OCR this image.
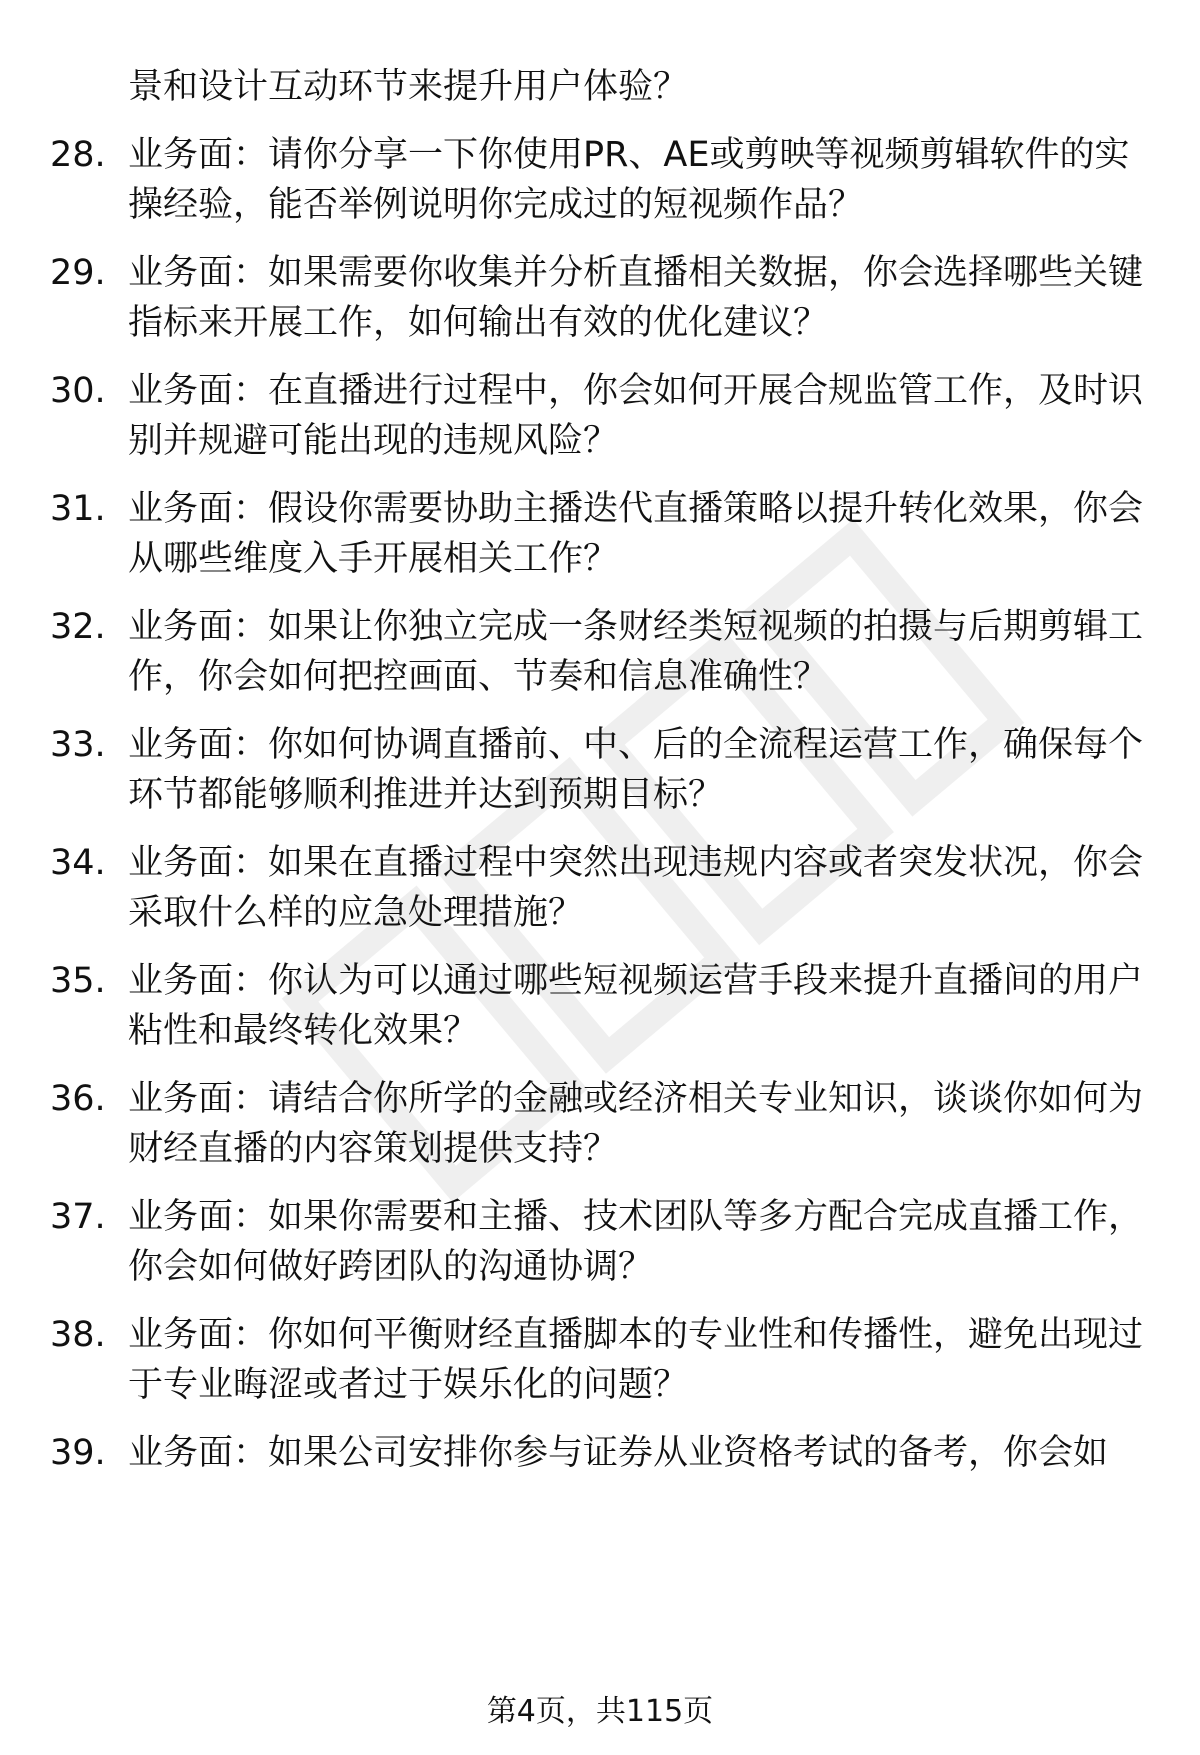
景和设计互动环节来提升用户体验？
28. 业务面：请你分享一下你使用PR、AE或剪映等视频剪辑软件的实操经验，能否举例说明你完成过的短视频作品？
29. 业务面：如果需要你收集并分析直播相关数据，你会选择哪些关键指标来开展工作，如何输出有效的优化建议？
30. 业务面：在直播进行过程中，你会如何开展合规监管工作，及时识别并规避可能出现的违规风险？
31. 业务面：假设你需要协助主播迭代直播策略以提升转化效果，你会从哪些维度入手开展相关工作？
32. 业务面：如果让你独立完成一条财经类短视频的拍摄与后期剪辑工作，你会如何把控画面、节奏和信息准确性？
33. 业务面：你如何协调直播前、中、后的全流程运营工作，确保每个环节都能够顺利推进并达到预期目标？
34. 业务面：如果在直播过程中突然出现违规内容或者突发状况，你会采取什么样的应急处理措施？
35. 业务面：你认为可以通过哪些短视频运营手段来提升直播间的用户粘性和最终转化效果？
36. 业务面：请结合你所学的金融或经济相关专业知识，谈谈你如何为财经直播的内容策划提供支持？
37. 业务面：如果你需要和主播、技术团队等多方配合完成直播工作，你会如何做好跨团队的沟通协调？
38. 业务面：你如何平衡财经直播脚本的专业性和传播性，避免出现过于专业晦涩或者过于娱乐化的问题？
39. 业务面：如果公司安排你参与证券从业资格考试的备考，你会如
第4页，共115页
